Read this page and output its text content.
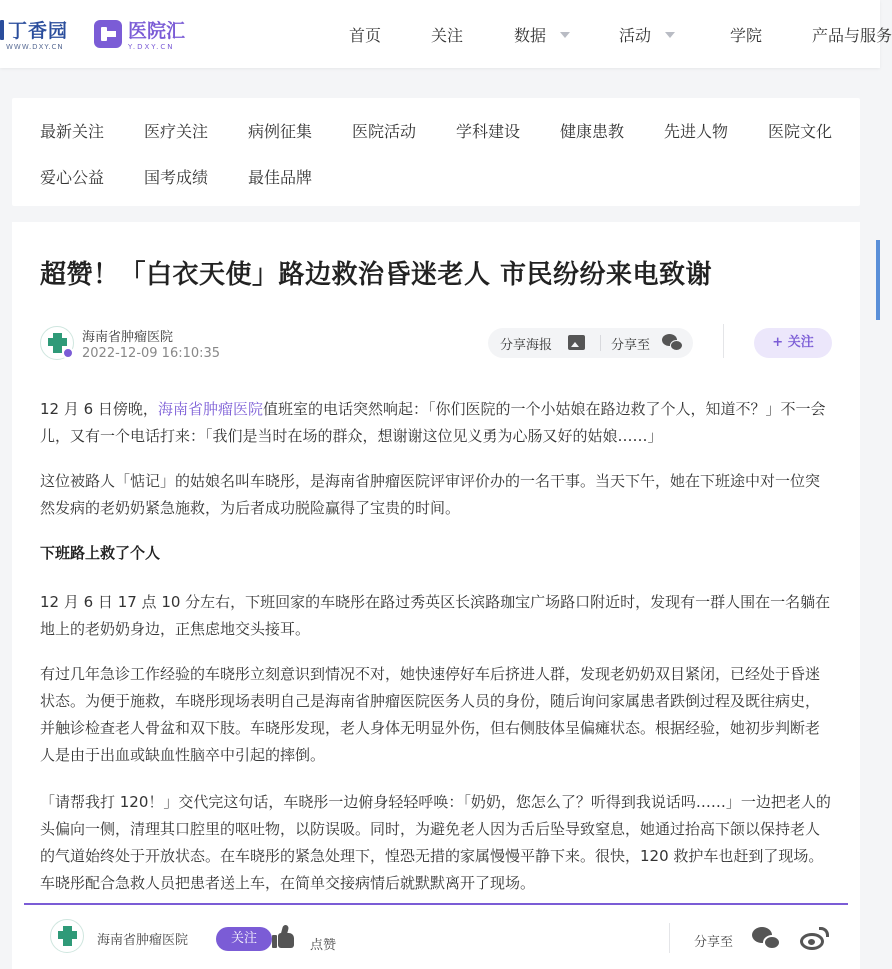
丁香园
WWW.DXY.CN
医院汇
Y.DXY.CN
首页	关注	数据	活动	学院	产品与服务
最新关注 医疗关注 病例征集 医院活动 学科建设 健康患教 先进人物 医院文化
爱心公益 国考成绩 最佳品牌
超赞！「白衣天使」路边救治昏迷老人 市民纷纷来电致谢
海南省肿瘤医院
2022-12-09 16:10:35
分享海报	分享至	+ 关注

12 月 6 日傍晚，海南省肿瘤医院值班室的电话突然响起：「你们医院的一个小姑娘在路边救了个人，知道不？」不一会儿，又有一个电话打来：「我们是当时在场的群众，想谢谢这位见义勇为心肠又好的姑娘……」

这位被路人「惦记」的姑娘名叫车晓彤，是海南省肿瘤医院评审评价办的一名干事。当天下午，她在下班途中对一位突然发病的老奶奶紧急施救，为后者成功脱险赢得了宝贵的时间。

下班路上救了个人

12 月 6 日 17 点 10 分左右，下班回家的车晓彤在路过秀英区长滨路珈宝广场路口附近时，发现有一群人围在一名躺在地上的老奶奶身边，正焦虑地交头接耳。

有过几年急诊工作经验的车晓彤立刻意识到情况不对，她快速停好车后挤进人群，发现老奶奶双目紧闭，已经处于昏迷状态。为便于施救，车晓彤现场表明自己是海南省肿瘤医院医务人员的身份，随后询问家属患者跌倒过程及既往病史，并触诊检查老人骨盆和双下肢。车晓彤发现，老人身体无明显外伤，但右侧肢体呈偏瘫状态。根据经验，她初步判断老人是由于出血或缺血性脑卒中引起的摔倒。

「请帮我打 120！」交代完这句话，车晓彤一边俯身轻轻呼唤：「奶奶，您怎么了？听得到我说话吗……」一边把老人的头偏向一侧，清理其口腔里的呕吐物，以防误吸。同时，为避免老人因为舌后坠导致窒息，她通过抬高下颌以保持老人的气道始终处于开放状态。在车晓彤的紧急处理下，惶恐无措的家属慢慢平静下来。很快，120 救护车也赶到了现场。车晓彤配合急救人员把患者送上车，在简单交接病情后就默默离开了现场。

海南省肿瘤医院	关注	点赞	分享至
